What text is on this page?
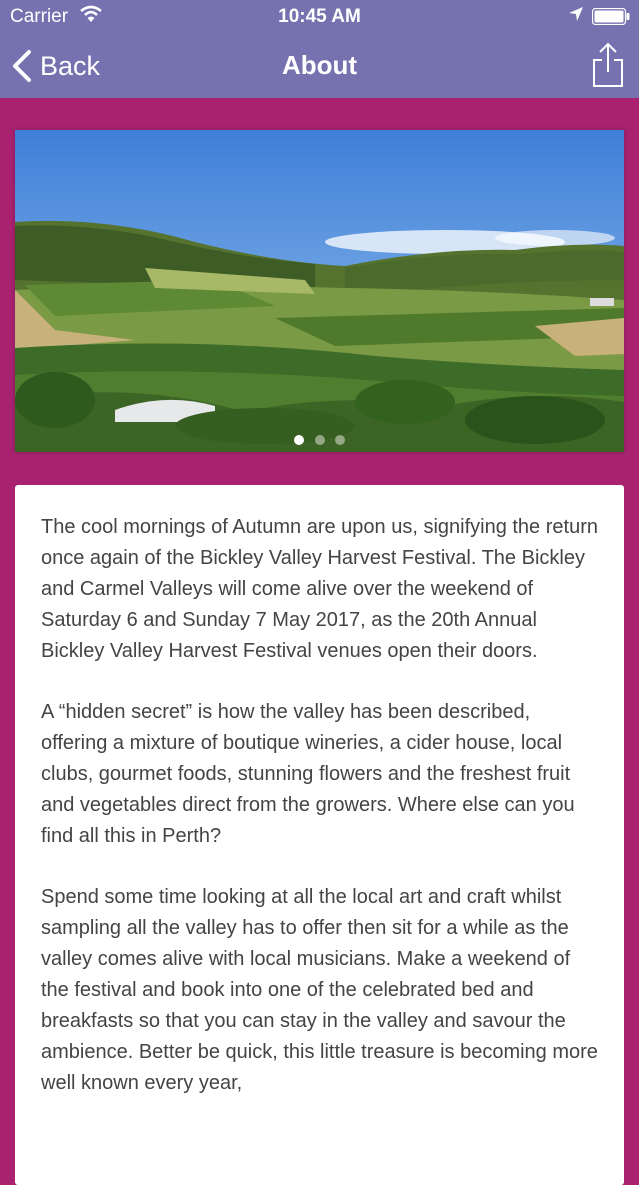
Carrier	10:45 AM
Back	About

The cool mornings of Autumn are upon us, signifying the return once again of the Bickley Valley Harvest Festival. The Bickley and Carmel Valleys will come alive over the weekend of Saturday 6 and Sunday 7 May 2017, as the 20th Annual Bickley Valley Harvest Festival venues open their doors.

A “hidden secret” is how the valley has been described, offering a mixture of boutique wineries, a cider house, local clubs, gourmet foods, stunning flowers and the freshest fruit and vegetables direct from the growers. Where else can you find all this in Perth?

Spend some time looking at all the local art and craft whilst sampling all the valley has to offer then sit for a while as the valley comes alive with local musicians. Make a weekend of the festival and book into one of the celebrated bed and breakfasts so that you can stay in the valley and savour the ambience. Better be quick, this little treasure is becoming more well known every year,
